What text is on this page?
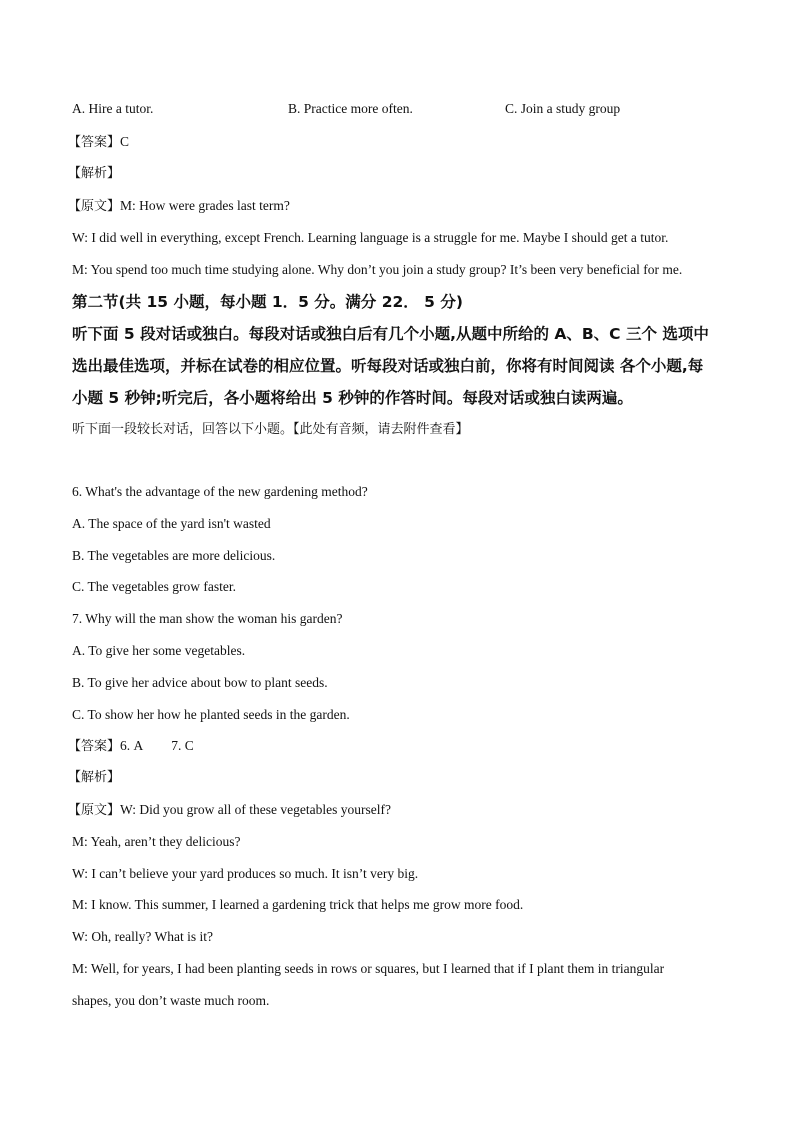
A. Hire a tutor.	B. Practice more often.	C. Join a study group
【答案】C
【解析】
【原文】M: How were grades last term?
W: I did well in everything, except French. Learning language is a struggle for me. Maybe I should get a tutor.
M: You spend too much time studying alone. Why don’t you join a study group? It’s been very beneficial for me.
第二节(共 15 小题，每小题 1．5 分。满分 22． 5 分)
听下面 5 段对话或独白。每段对话或独白后有几个小题,从题中所给的 A、B、C 三个 选项中
选出最佳选项，并标在试卷的相应位置。听每段对话或独白前，你将有时间阅读 各个小题,每
小题 5 秒钟;听完后，各小题将给出 5 秒钟的作答时间。每段对话或独白读两遍。
听下面一段较长对话，回答以下小题。【此处有音频，请去附件查看】
6. What's the advantage of the new gardening method?
A. The space of the yard isn't wasted
B. The vegetables are more delicious.
C. The vegetables grow faster.
7. Why will the man show the woman his garden?
A. To give her some vegetables.
B. To give her advice about bow to plant seeds.
C. To show her how he planted seeds in the garden.
【答案】6. A 7. C
【解析】
【原文】W: Did you grow all of these vegetables yourself?
M: Yeah, aren’t they delicious?
W: I can’t believe your yard produces so much. It isn’t very big.
M: I know. This summer, I learned a gardening trick that helps me grow more food.
W: Oh, really? What is it?
M: Well, for years, I had been planting seeds in rows or squares, but I learned that if I plant them in triangular
shapes, you don’t waste much room.
